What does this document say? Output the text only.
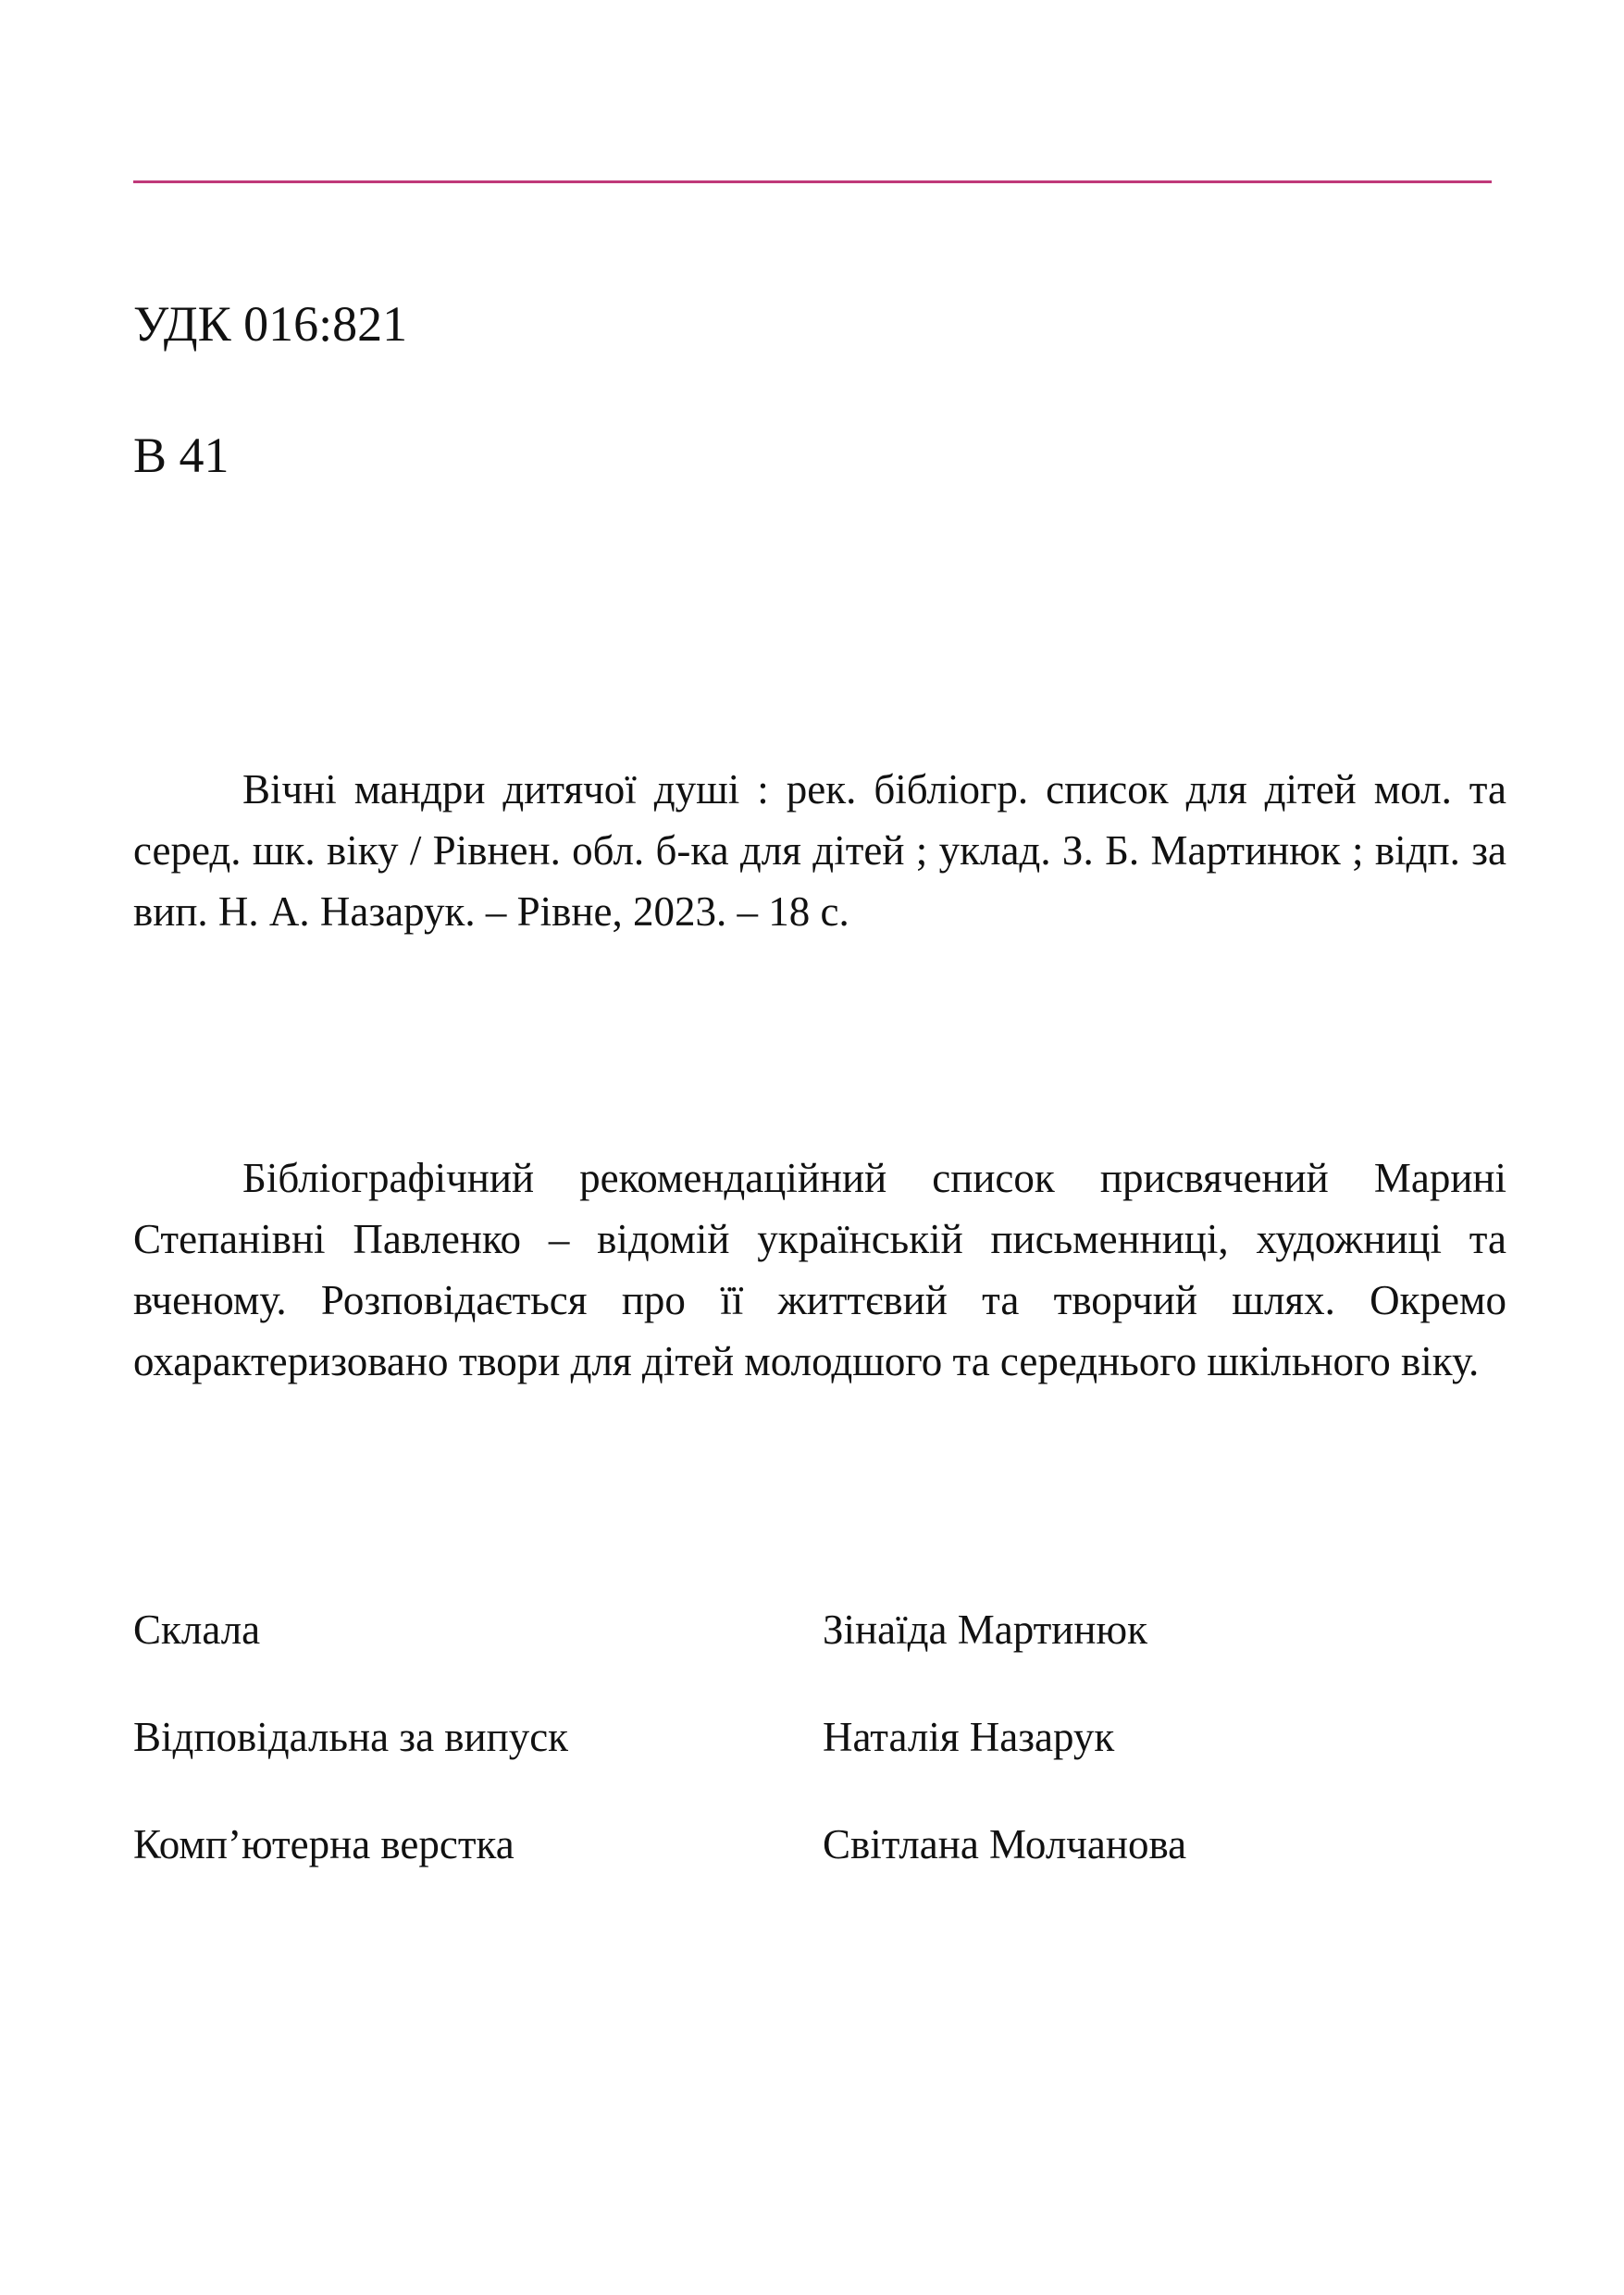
УДК 016:821
В 41

Вічні мандри дитячої душі : рек. бібліогр. список для дітей мол. та серед. шк. віку / Рівнен. обл. б-ка для дітей ; уклад. З. Б. Мартинюк ; відп. за вип. Н. А. Назарук. – Рівне, 2023. – 18 с.

Бібліографічний рекомендаційний список присвячений Марині Степанівні Павленко – відомій українській письменниці, художниці та вченому. Розповідається про її життєвий та творчий шлях. Окремо охарактеризовано твори для дітей молодшого та середнього шкільного віку.

Склала	Зінаїда Мартинюк
Відповідальна за випуск	Наталія Назарук
Комп’ютерна верстка	Світлана Молчанова
